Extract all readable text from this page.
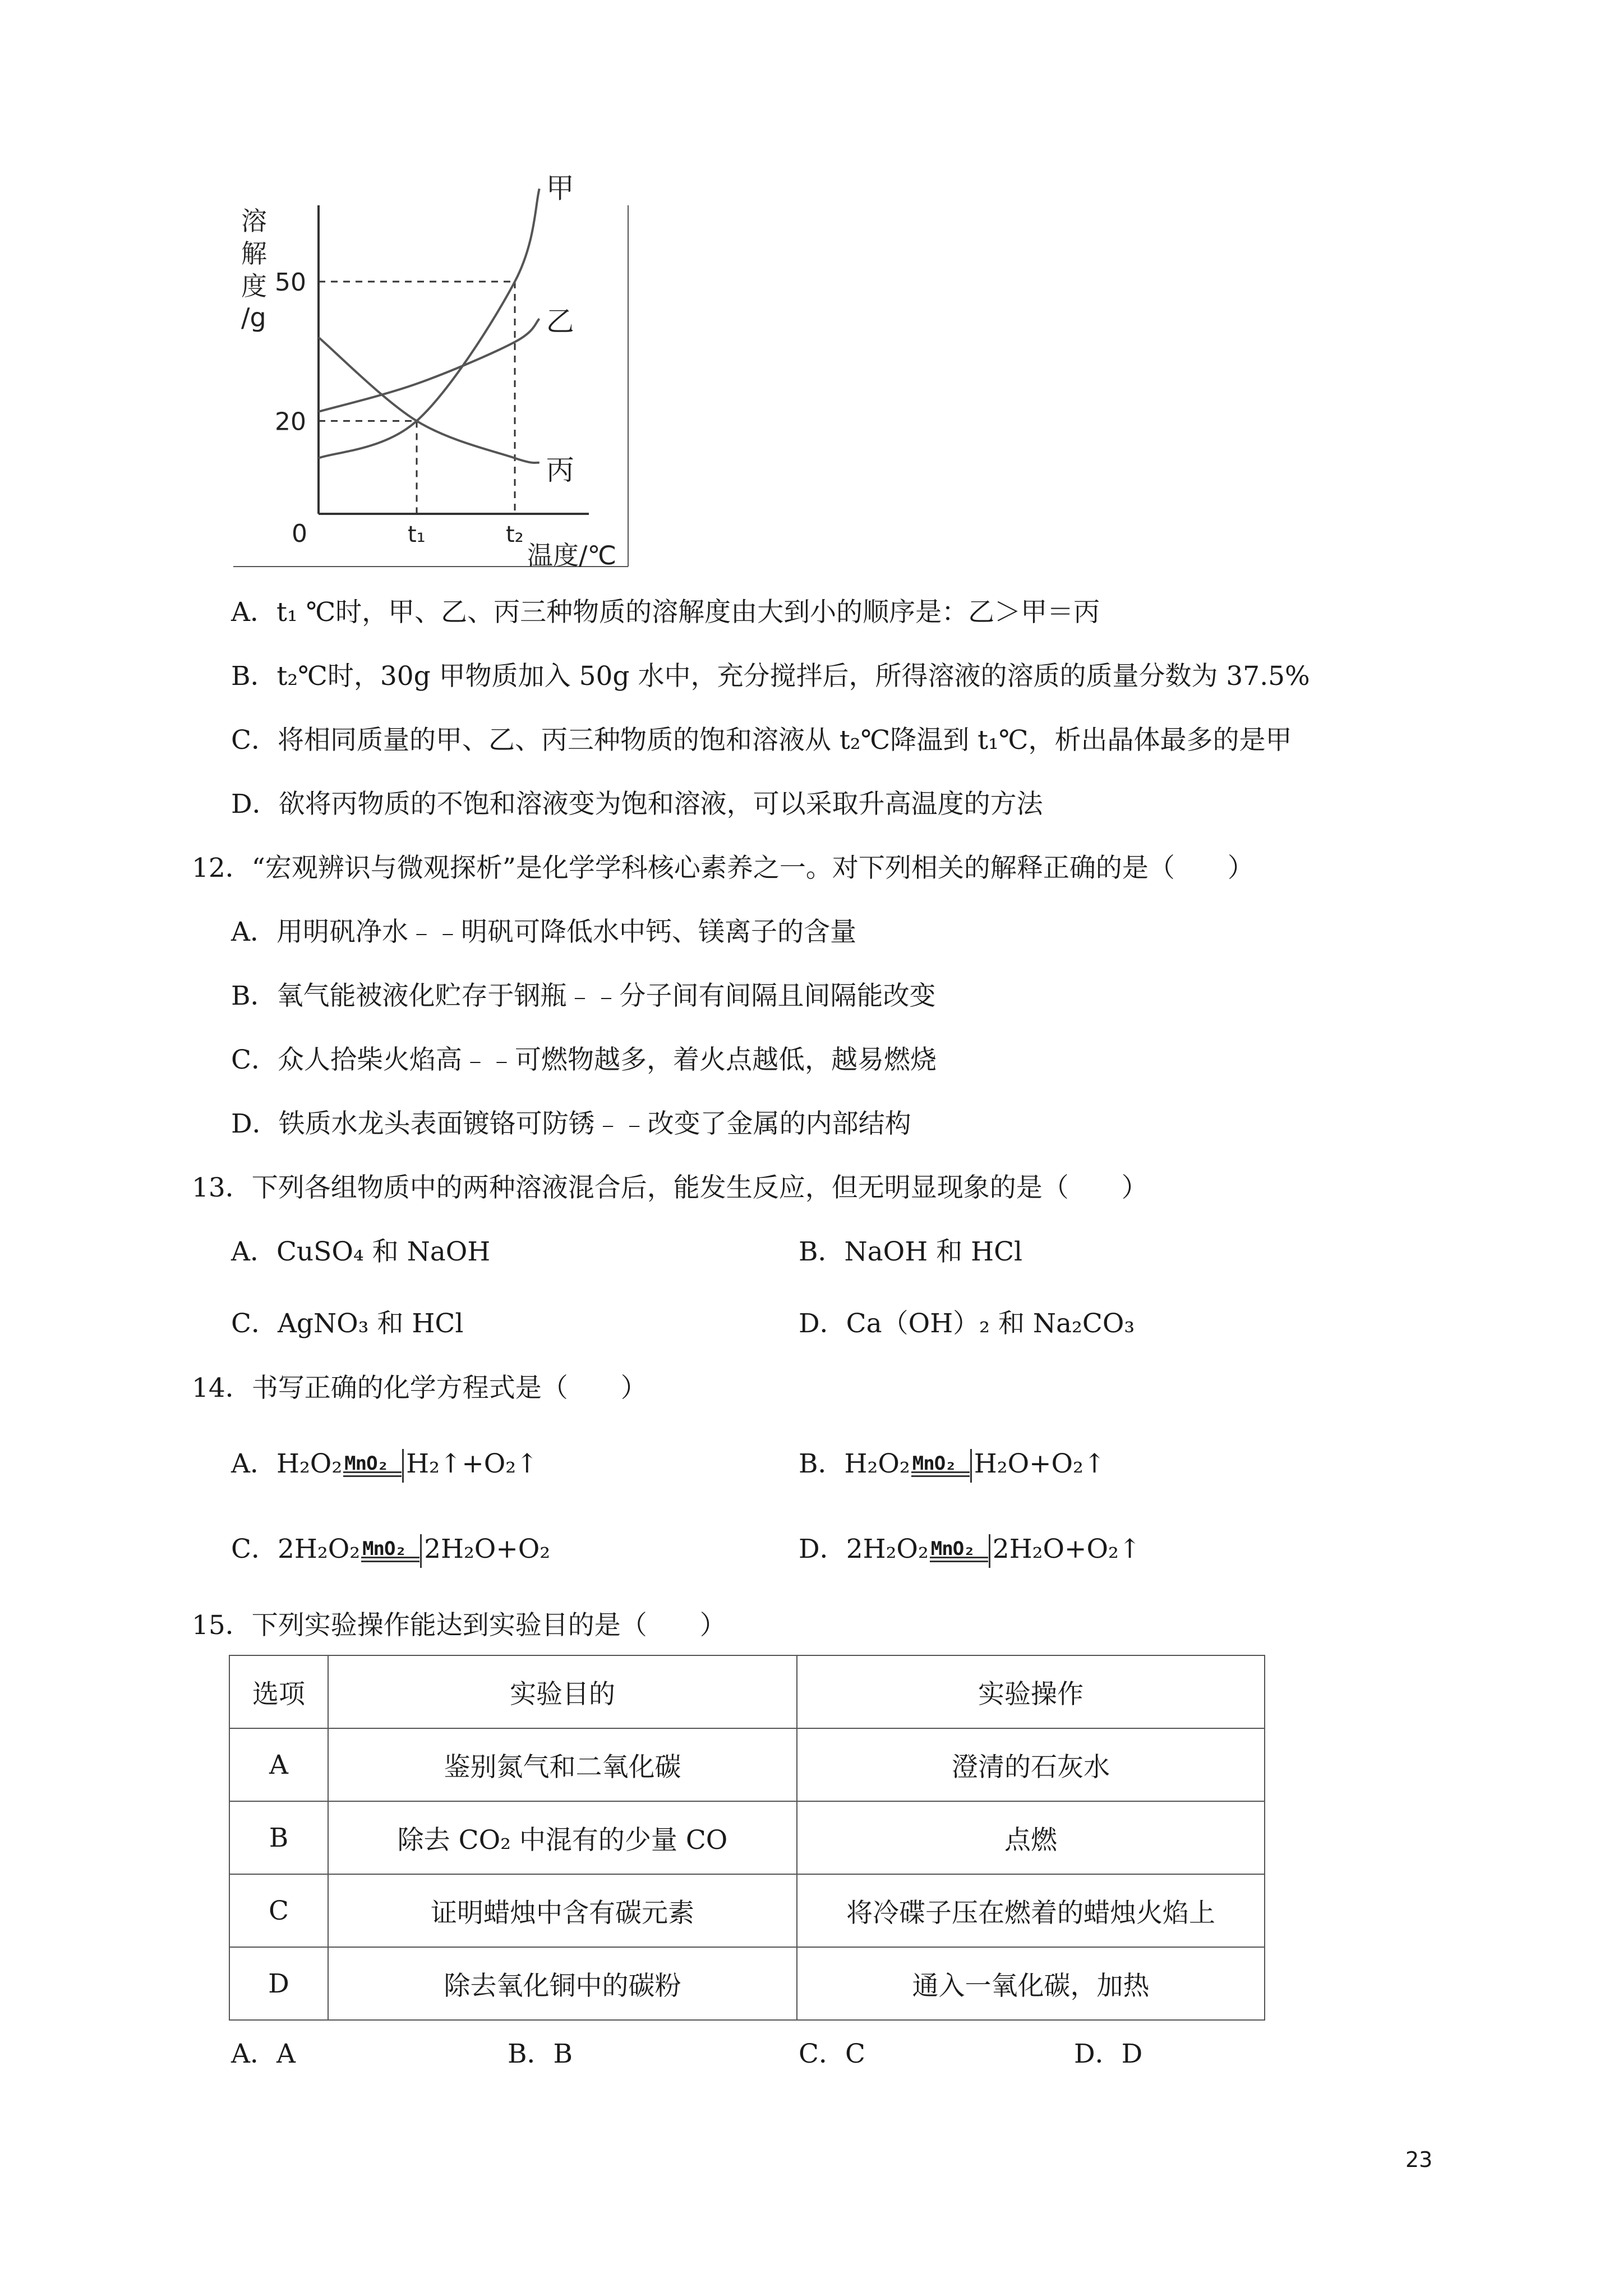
溶解度/g
甲
乙
丙
20
50
t₁	t₂
0
温度/℃
A．t₁ ℃时，甲、乙、丙三种物质的溶解度由大到小的顺序是：乙＞甲＝丙
B．t₂℃时，30g 甲物质加入 50g 水中，充分搅拌后，所得溶液的溶质的质量分数为 37.5%
C．将相同质量的甲、乙、丙三种物质的饱和溶液从 t₂℃降温到 t₁℃，析出晶体最多的是甲
D．欲将丙物质的不饱和溶液变为饱和溶液，可以采取升高温度的方法
12．“宏观辨识与微观探析”是化学学科核心素养之一。对下列相关的解释正确的是（　　）
A．用明矾净水﹣﹣明矾可降低水中钙、镁离子的含量
B．氧气能被液化贮存于钢瓶﹣﹣分子间有间隔且间隔能改变
C．众人拾柴火焰高﹣﹣可燃物越多，着火点越低，越易燃烧
D．铁质水龙头表面镀铬可防锈﹣﹣改变了金属的内部结构
13．下列各组物质中的两种溶液混合后，能发生反应，但无明显现象的是（　　）
A．CuSO₄ 和 NaOH	B．NaOH 和 HCl
C．AgNO₃ 和 HCl	D．Ca（OH）₂ 和 Na₂CO₃
14．书写正确的化学方程式是（　　）
A．H₂O₂ MnO₂ H₂↑+O₂↑	B．H₂O₂ MnO₂ H₂O+O₂↑
C．2H₂O₂ MnO₂ 2H₂O+O₂	D．2H₂O₂ MnO₂ 2H₂O+O₂↑
15．下列实验操作能达到实验目的是（　　）
选项	实验目的	实验操作
A	鉴别氮气和二氧化碳	澄清的石灰水
B	除去 CO₂ 中混有的少量 CO	点燃
C	证明蜡烛中含有碳元素	将冷碟子压在燃着的蜡烛火焰上
D	除去氧化铜中的碳粉	通入一氧化碳，加热
A．A	B．B	C．C	D．D
23
